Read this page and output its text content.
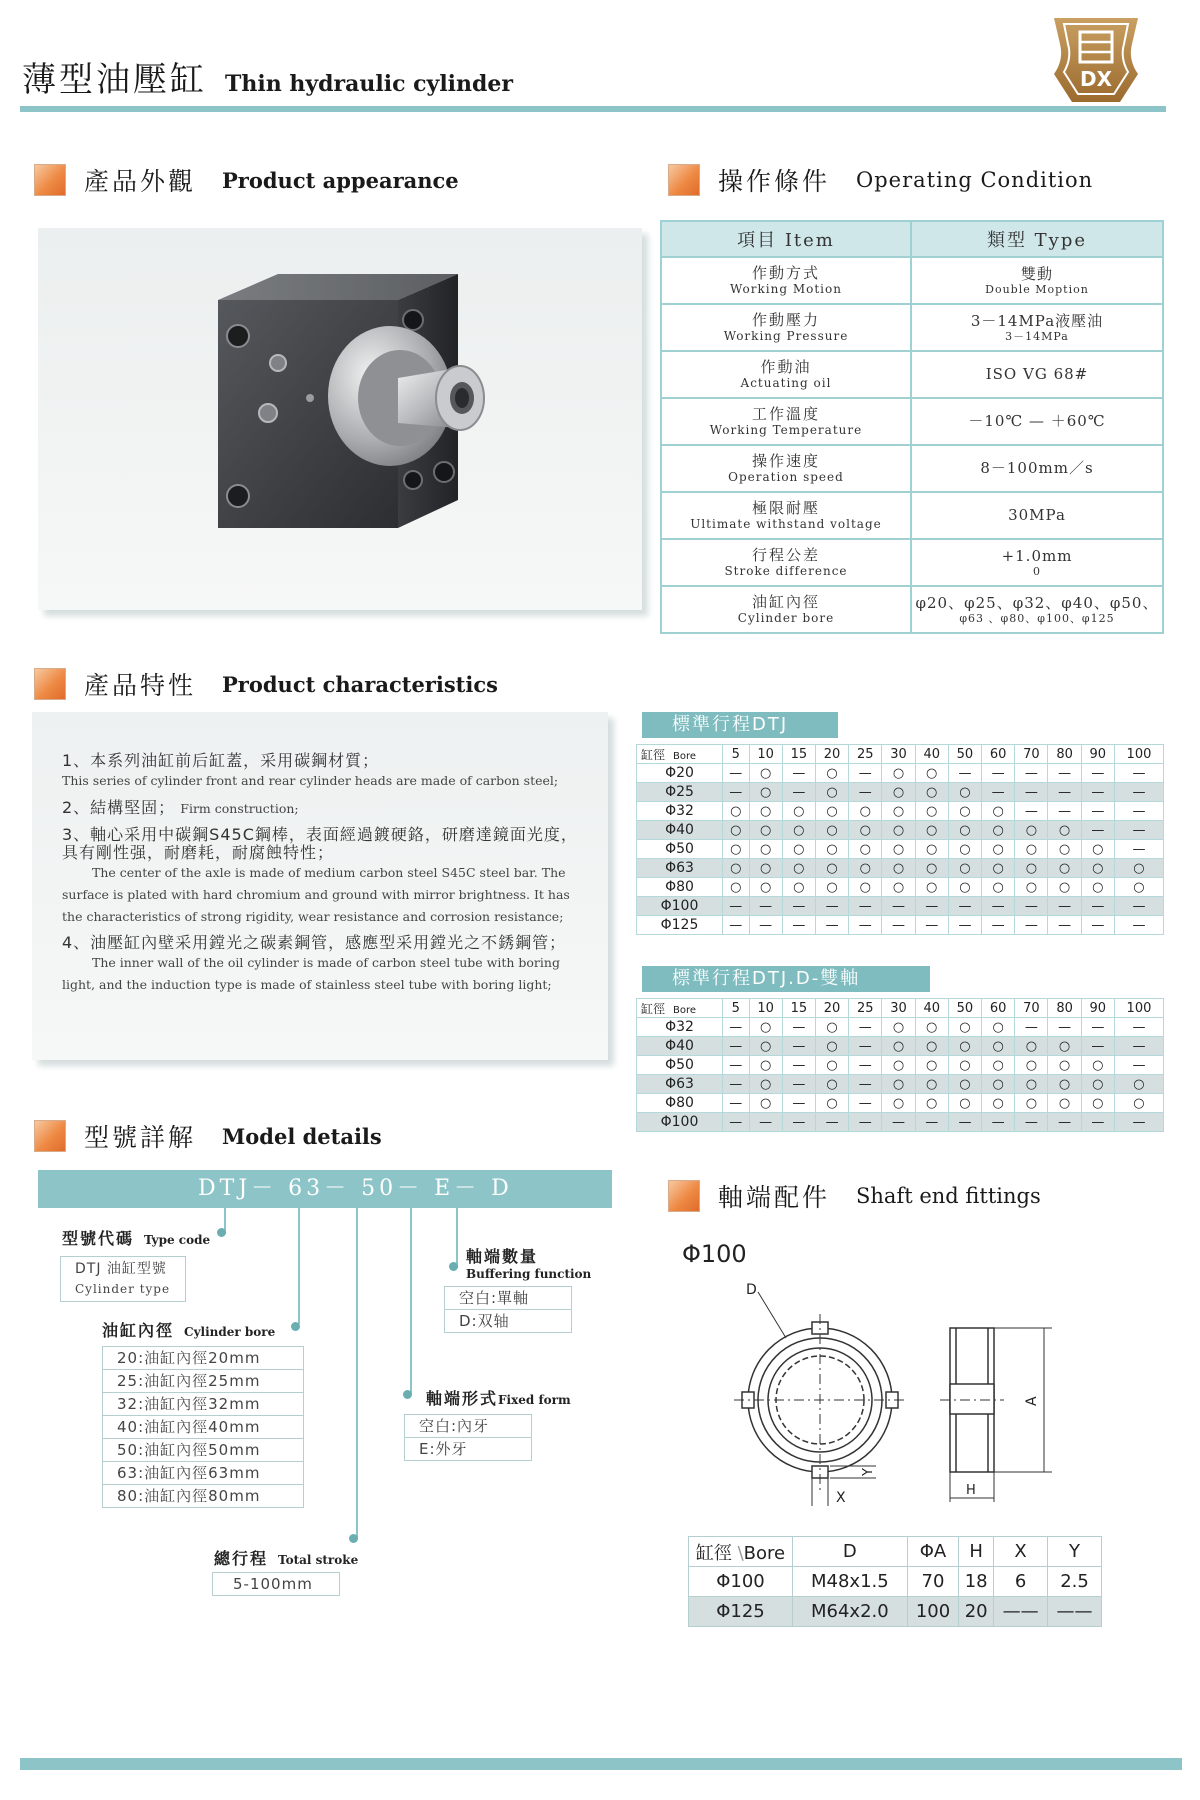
薄型油壓缸 Thin hydraulic cylinder	DX
產品外觀 Product appearance	操作條件 Operating Condition
項目 Item	類型 Type

作動方式
Working Motion	雙動
Double Moption

作動壓力
Working Pressure	3－14MPa液壓油
3－14MPa

作動油
Actuating oil	ISO VG 68#

工作溫度
Working Temperature	－10℃ — ＋60℃

操作速度
Operation speed	8－100mm／s

極限耐壓
Ultimate withstand voltage	30MPa

行程公差
Stroke difference	+1.0mm
0

油缸內徑
Cylinder bore	φ20、φ25、φ32、φ40、φ50、
φ63 、φ80、φ100、φ125
產品特性 Product characteristics
1、本系列油缸前后缸蓋，采用碳鋼材質；
This series of cylinder front and rear cylinder heads are made of carbon steel;
2、結構堅固； Firm construction;
3、軸心采用中碳鋼S45C鋼棒，表面經過鍍硬鉻，研磨達鏡面光度，具有剛性强，耐磨耗，耐腐蝕特性；
The center of the axle is made of medium carbon steel S45C steel bar. The
surface is plated with hard chromium and ground with mirror brightness. It has
the characteristics of strong rigidity, wear resistance and corrosion resistance;
4、油壓缸內壁采用鏜光之碳素鋼管，感應型采用鏜光之不銹鋼管；
The inner wall of the oil cylinder is made of carbon steel tube with boring
light, and the induction type is made of stainless steel tube with boring light;
標準行程DTJ
缸徑 Bore	5	10	15	20	25	30	40	50	60	70	80	90	100
Φ20	—	○	—	○	—	○	○	—	—	—	—	—	—
Φ25	—	○	—	○	—	○	○	○	—	—	—	—	—
Φ32	○	○	○	○	○	○	○	○	○	—	—	—	—
Φ40	○	○	○	○	○	○	○	○	○	○	○	—	—
Φ50	○	○	○	○	○	○	○	○	○	○	○	○	—
Φ63	○	○	○	○	○	○	○	○	○	○	○	○	○
Φ80	○	○	○	○	○	○	○	○	○	○	○	○	○
Φ100	—	—	—	—	—	—	—	—	—	—	—	—	—
Φ125	—	—	—	—	—	—	—	—	—	—	—	—	—
標準行程DTJ.D-雙軸
缸徑 Bore	5	10	15	20	25	30	40	50	60	70	80	90	100
Φ32	—	○	—	○	—	○	○	○	○	—	—	—	—
Φ40	—	○	—	○	—	○	○	○	○	○	○	—	—
Φ50	—	○	—	○	—	○	○	○	○	○	○	○	—
Φ63	—	○	—	○	—	○	○	○	○	○	○	○	○
Φ80	—	○	—	○	—	○	○	○	○	○	○	○	○
Φ100	—	—	—	—	—	—	—	—	—	—	—	—	—
型號詳解 Model details
DTJ－ 63－ 50－ E－ D
型號代碼 Type code
DTJ 油缸型號
Cylinder type
油缸內徑 Cylinder bore
20:油缸內徑20mm
25:油缸內徑25mm
32:油缸內徑32mm
40:油缸內徑40mm
50:油缸內徑50mm
63:油缸內徑63mm
80:油缸內徑80mm
總行程 Total stroke
5-100mm
軸端形式Fixed form
空白:內牙
E:外牙
軸端數量
Buffering function
空白:單軸
D:双轴
軸端配件 Shaft end fittings
Φ100
D
X
Y
A
H
缸徑 \Bore	D	ΦA	H	X	Y
Φ100	M48x1.5	70	18	6	2.5
Φ125	M64x2.0	100	20	——	——
